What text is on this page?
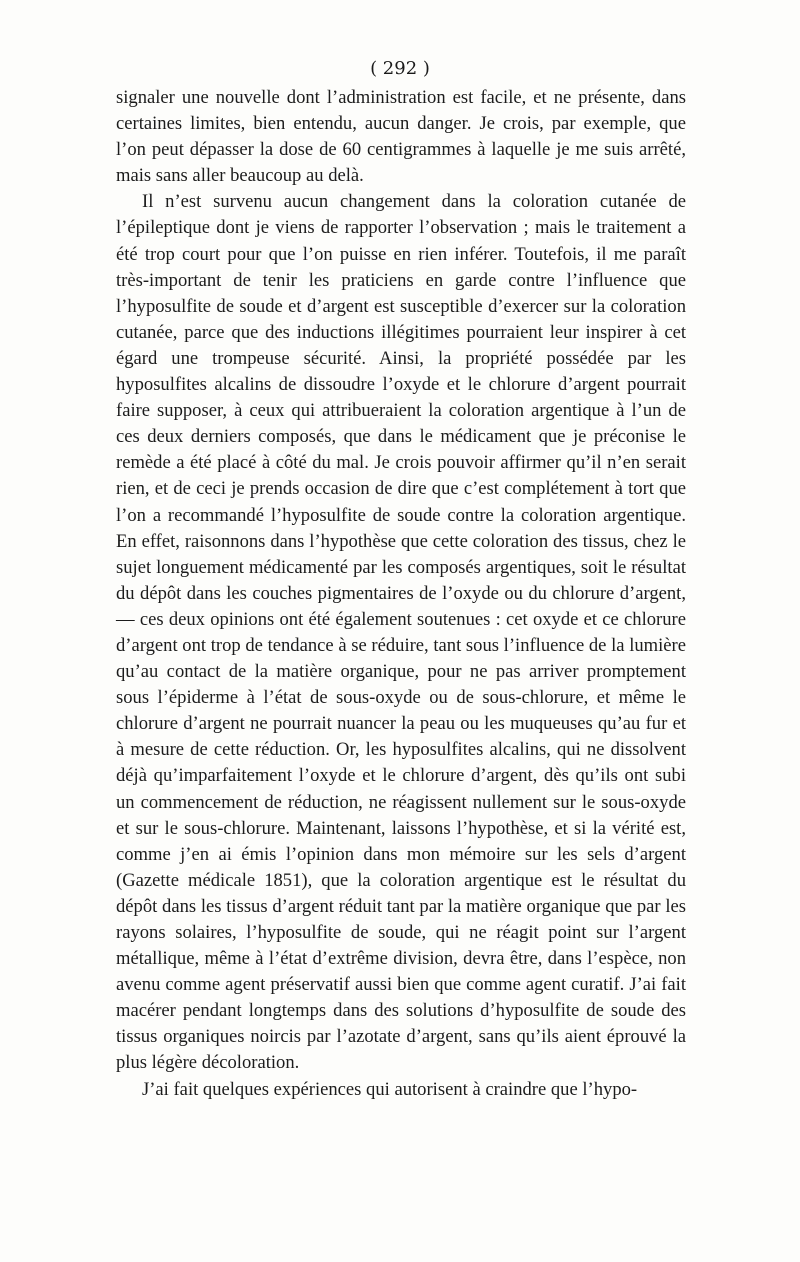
( 292 )

signaler une nouvelle dont l’administration est facile, et ne présente, dans certaines limites, bien entendu, aucun danger. Je crois, par exemple, que l’on peut dépasser la dose de 60 centigrammes à laquelle je me suis arrêté, mais sans aller beaucoup au delà.

Il n’est survenu aucun changement dans la coloration cutanée de l’épileptique dont je viens de rapporter l’observation ; mais le traitement a été trop court pour que l’on puisse en rien inférer. Toutefois, il me paraît très-important de tenir les praticiens en garde contre l’influence que l’hyposulfite de soude et d’argent est susceptible d’exercer sur la coloration cutanée, parce que des inductions illégitimes pourraient leur inspirer à cet égard une trompeuse sécurité. Ainsi, la propriété possédée par les hyposulfites alcalins de dissoudre l’oxyde et le chlorure d’argent pourrait faire supposer, à ceux qui attribueraient la coloration argentique à l’un de ces deux derniers composés, que dans le médicament que je préconise le remède a été placé à côté du mal. Je crois pouvoir affirmer qu’il n’en serait rien, et de ceci je prends occasion de dire que c’est complétement à tort que l’on a recommandé l’hyposulfite de soude contre la coloration argentique. En effet, raisonnons dans l’hypothèse que cette coloration des tissus, chez le sujet longuement médicamenté par les composés argentiques, soit le résultat du dépôt dans les couches pigmentaires de l’oxyde ou du chlorure d’argent, — ces deux opinions ont été également soutenues : cet oxyde et ce chlorure d’argent ont trop de tendance à se réduire, tant sous l’influence de la lumière qu’au contact de la matière organique, pour ne pas arriver promptement sous l’épiderme à l’état de sous-oxyde ou de sous-chlorure, et même le chlorure d’argent ne pourrait nuancer la peau ou les muqueuses qu’au fur et à mesure de cette réduction. Or, les hyposulfites alcalins, qui ne dissolvent déjà qu’imparfaitement l’oxyde et le chlorure d’argent, dès qu’ils ont subi un commencement de réduction, ne réagissent nullement sur le sous-oxyde et sur le sous-chlorure. Maintenant, laissons l’hypothèse, et si la vérité est, comme j’en ai émis l’opinion dans mon mémoire sur les sels d’argent (Gazette médicale 1851), que la coloration argentique est le résultat du dépôt dans les tissus d’argent réduit tant par la matière organique que par les rayons solaires, l’hyposulfite de soude, qui ne réagit point sur l’argent métallique, même à l’état d’extrême division, devra être, dans l’espèce, non avenu comme agent préservatif aussi bien que comme agent curatif. J’ai fait macérer pendant longtemps dans des solutions d’hyposulfite de soude des tissus organiques noircis par l’azotate d’argent, sans qu’ils aient éprouvé la plus légère décoloration.

J’ai fait quelques expériences qui autorisent à craindre que l’hypo-
